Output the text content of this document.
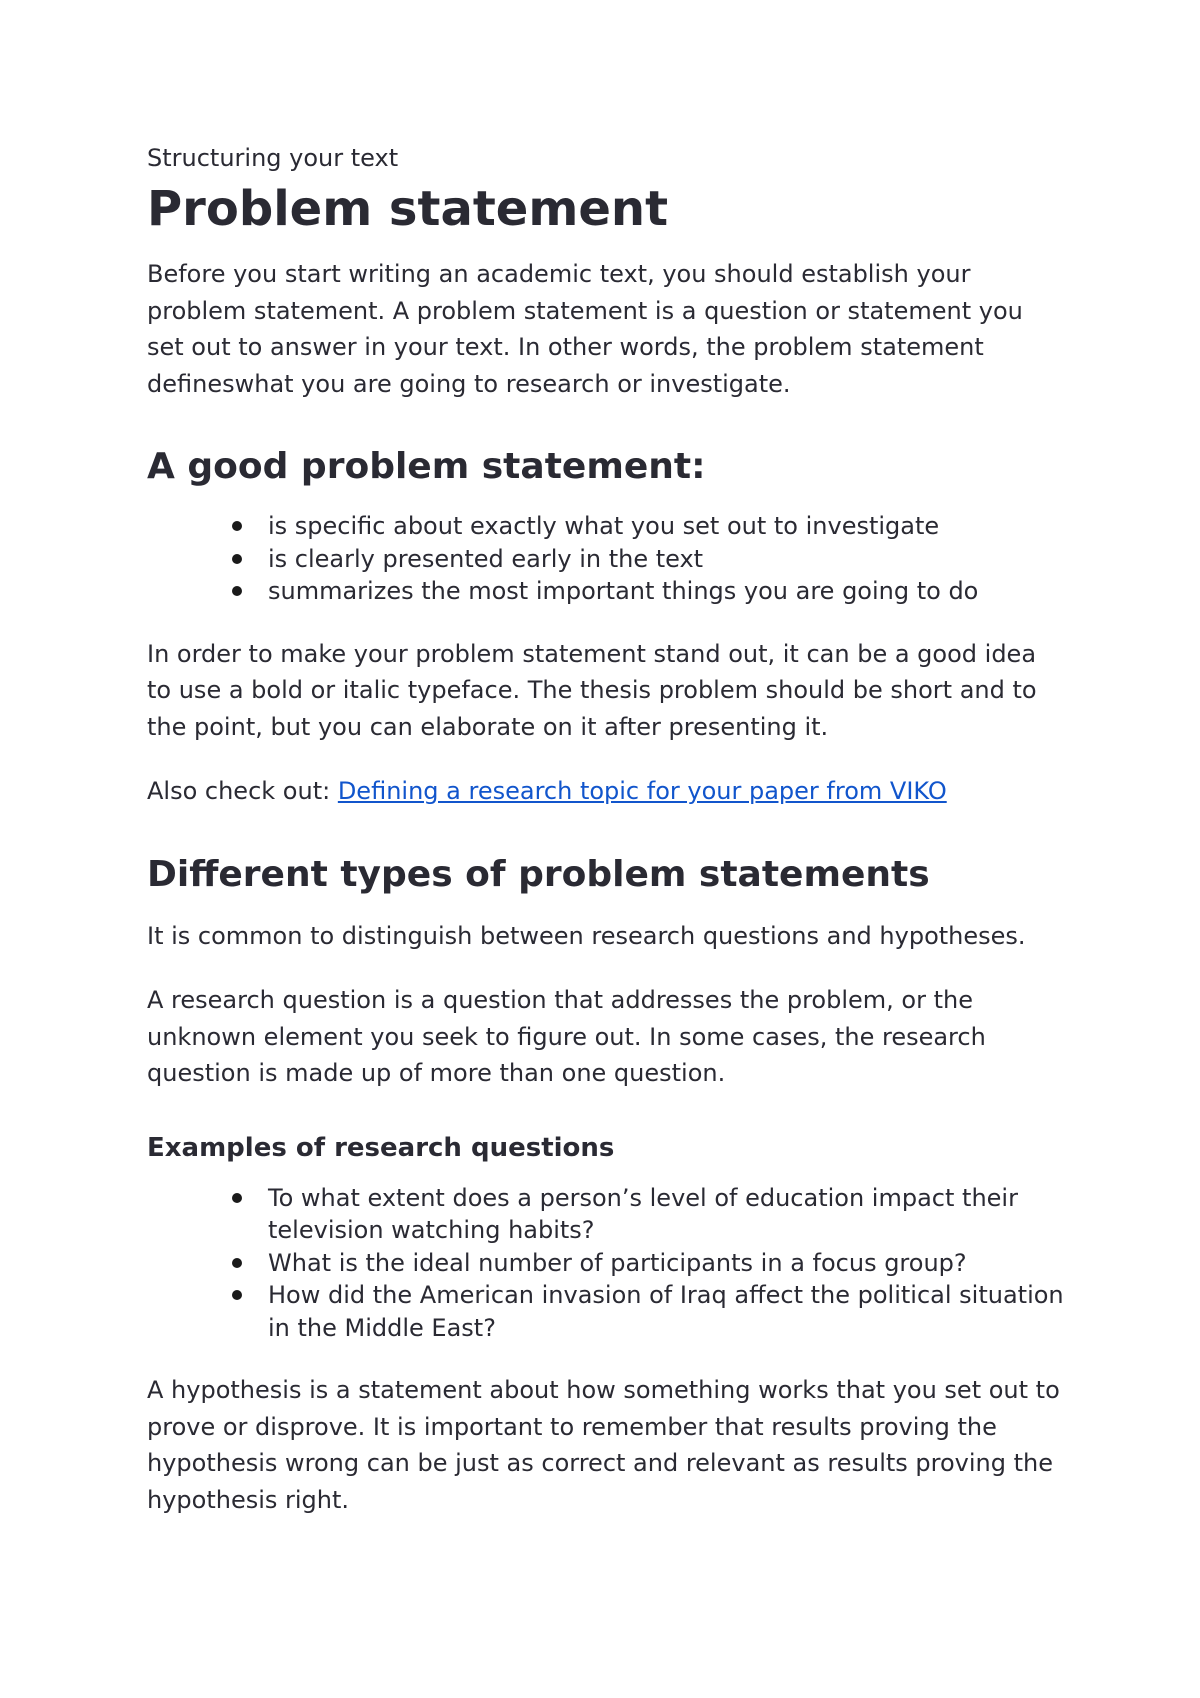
Structuring your text
Problem statement

Before you start writing an academic text, you should establish your problem statement. A problem statement is a question or statement you set out to answer in your text. In other words, the problem statement defineswhat you are going to research or investigate.

A good problem statement:
is specific about exactly what you set out to investigate
is clearly presented early in the text
summarizes the most important things you are going to do

In order to make your problem statement stand out, it can be a good idea to use a bold or italic typeface. The thesis problem should be short and to the point, but you can elaborate on it after presenting it.

Also check out: Defining a research topic for your paper from VIKO

Different types of problem statements

It is common to distinguish between research questions and hypotheses.

A research question is a question that addresses the problem, or the unknown element you seek to figure out. In some cases, the research question is made up of more than one question.

Examples of research questions
To what extent does a person’s level of education impact their television watching habits?
What is the ideal number of participants in a focus group?
How did the American invasion of Iraq affect the political situation in the Middle East?

A hypothesis is a statement about how something works that you set out to prove or disprove. It is important to remember that results proving the hypothesis wrong can be just as correct and relevant as results proving the hypothesis right.
